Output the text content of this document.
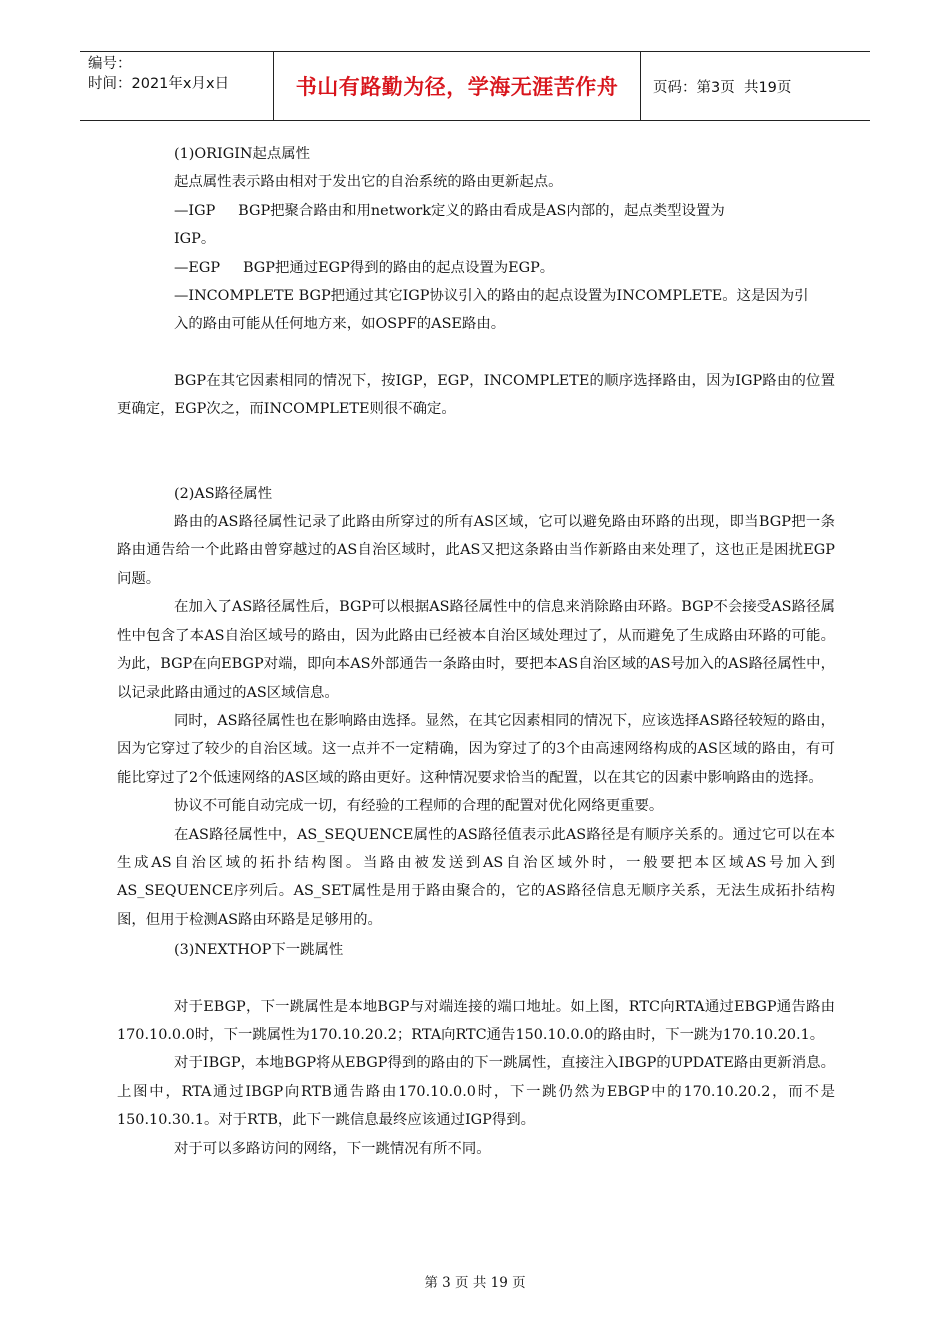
编号：
时间：2021年x月x日	书山有路勤为径，学海无涯苦作舟	页码：第3页  共19页

(1)ORIGIN起点属性

起点属性表示路由相对于发出它的自治系统的路由更新起点。

—IGP     BGP把聚合路由和用network定义的路由看成是AS内部的，起点类型设置为

IGP。

—EGP     BGP把通过EGP得到的路由的起点设置为EGP。

—INCOMPLETE BGP把通过其它IGP协议引入的路由的起点设置为INCOMPLETE。这是因为引

入的路由可能从任何地方来，如OSPF的ASE路由。

BGP在其它因素相同的情况下，按IGP，EGP，INCOMPLETE的顺序选择路由，因为IGP路由的位置更确定，EGP次之，而INCOMPLETE则很不确定。

(2)AS路径属性

路由的AS路径属性记录了此路由所穿过的所有AS区域，它可以避免路由环路的出现，即当BGP把一条路由通告给一个此路由曾穿越过的AS自治区域时，此AS又把这条路由当作新路由来处理了，这也正是困扰EGP问题。

在加入了AS路径属性后，BGP可以根据AS路径属性中的信息来消除路由环路。BGP不会接受AS路径属性中包含了本AS自治区域号的路由，因为此路由已经被本自治区域处理过了，从而避免了生成路由环路的可能。为此，BGP在向EBGP对端，即向本AS外部通告一条路由时，要把本AS自治区域的AS号加入的AS路径属性中，以记录此路由通过的AS区域信息。

同时，AS路径属性也在影响路由选择。显然，在其它因素相同的情况下，应该选择AS路径较短的路由，因为它穿过了较少的自治区域。这一点并不一定精确，因为穿过了的3个由高速网络构成的AS区域的路由，有可能比穿过了2个低速网络的AS区域的路由更好。这种情况要求恰当的配置，以在其它的因素中影响路由的选择。

协议不可能自动完成一切，有经验的工程师的合理的配置对优化网络更重要。

在AS路径属性中，AS_SEQUENCE属性的AS路径值表示此AS路径是有顺序关系的。通过它可以在本生成AS自治区域的拓扑结构图。当路由被发送到AS自治区域外时，一般要把本区域AS号加入到AS_SEQUENCE序列后。AS_SET属性是用于路由聚合的，它的AS路径信息无顺序关系，无法生成拓扑结构图，但用于检测AS路由环路是足够用的。

(3)NEXTHOP下一跳属性

对于EBGP，下一跳属性是本地BGP与对端连接的端口地址。如上图，RTC向RTA通过EBGP通告路由170.10.0.0时，下一跳属性为170.10.20.2；RTA向RTC通告150.10.0.0的路由时，下一跳为170.10.20.1。

对于IBGP，本地BGP将从EBGP得到的路由的下一跳属性，直接注入IBGP的UPDATE路由更新消息。上图中，RTA通过IBGP向RTB通告路由170.10.0.0时，下一跳仍然为EBGP中的170.10.20.2，而不是150.10.30.1。对于RTB，此下一跳信息最终应该通过IGP得到。

对于可以多路访问的网络，下一跳情况有所不同。

第 3 页 共 19 页
